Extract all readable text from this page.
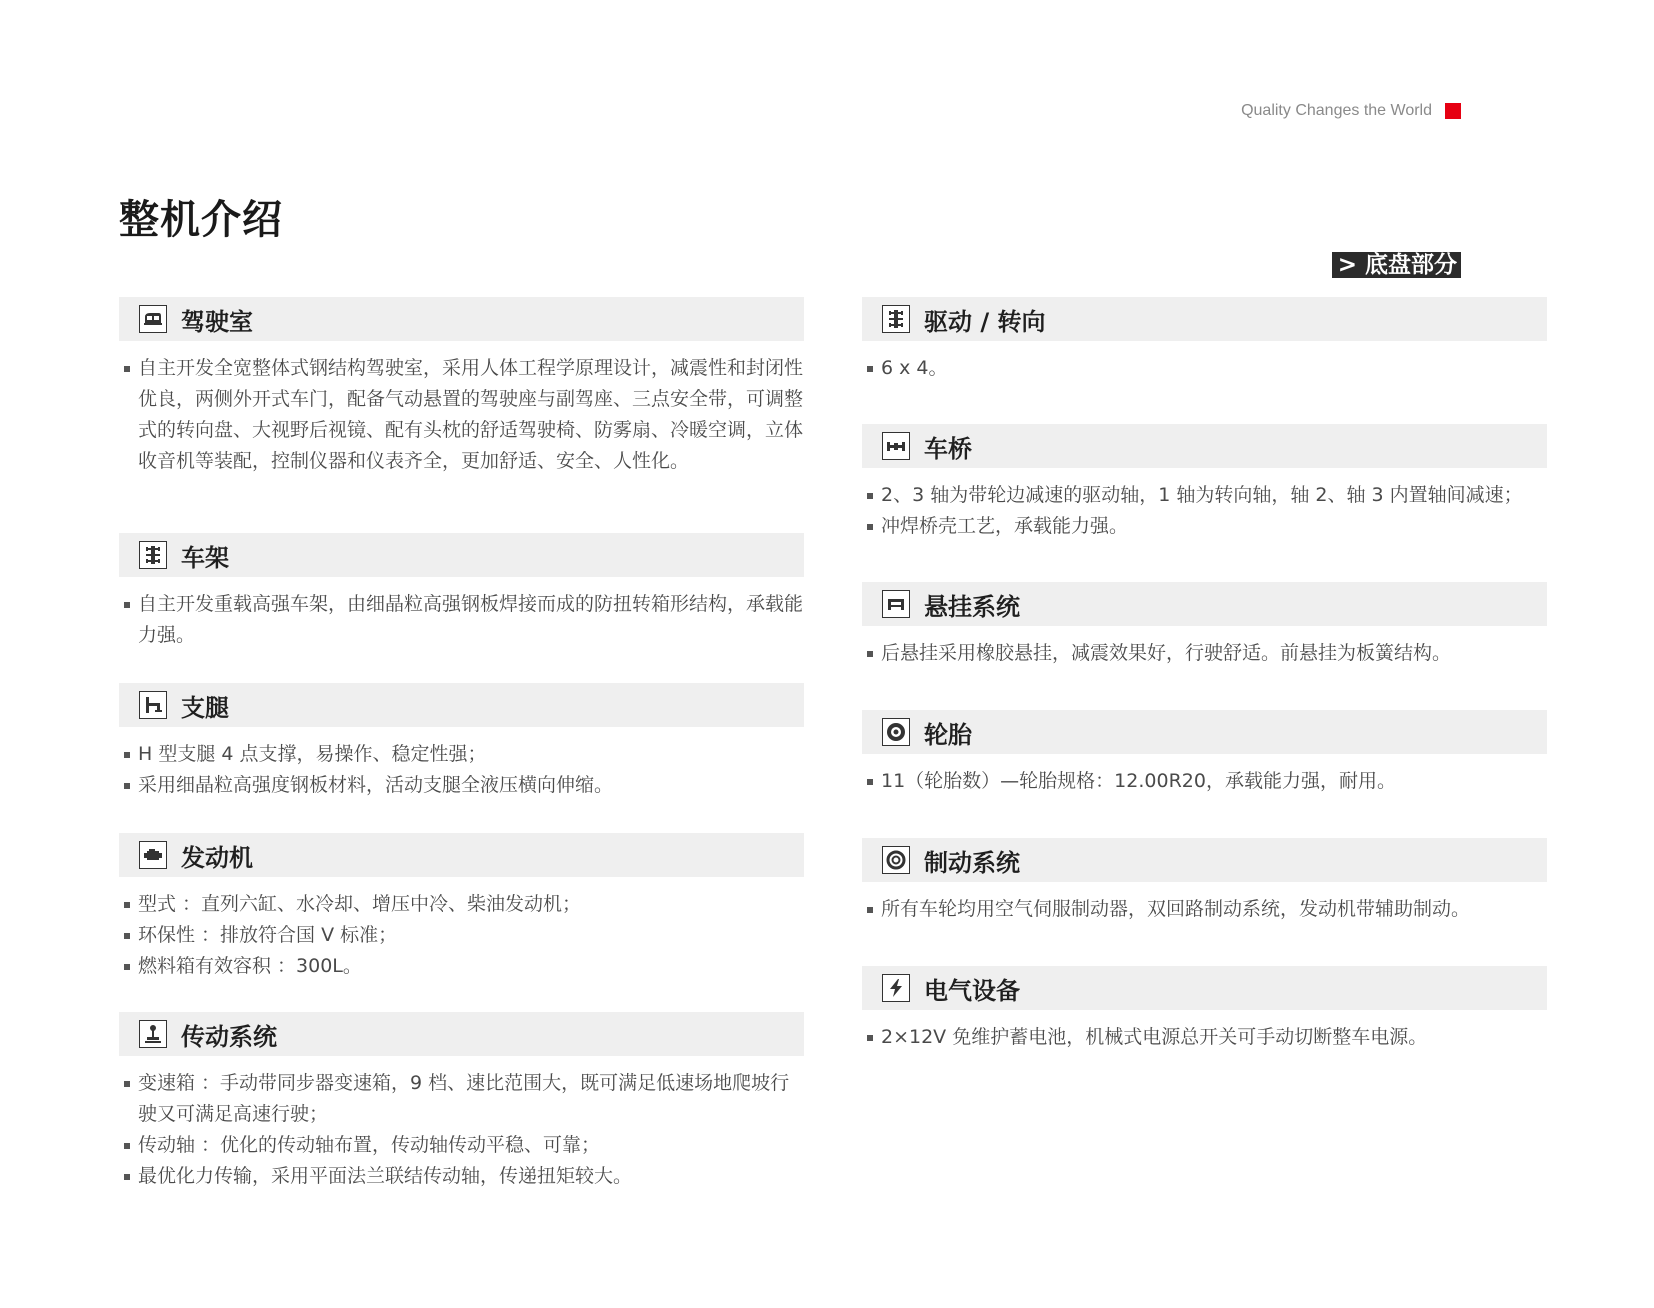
Quality Changes the World
整机介绍
> 底盘部分
驾驶室
自主开发全宽整体式钢结构驾驶室，采用人体工程学原理设计，减震性和封闭性优良，两侧外开式车门，配备气动悬置的驾驶座与副驾座、三点安全带，可调整式的转向盘、大视野后视镜、配有头枕的舒适驾驶椅、防雾扇、冷暖空调，立体收音机等装配，控制仪器和仪表齐全，更加舒适、安全、人性化。
车架
自主开发重载高强车架，由细晶粒高强钢板焊接而成的防扭转箱形结构，承载能力强。
支腿
H 型支腿 4 点支撑，易操作、稳定性强；
采用细晶粒高强度钢板材料，活动支腿全液压横向伸缩。
发动机
型式 ：直列六缸、水冷却、增压中冷、柴油发动机；
环保性 ：排放符合国 V 标准；
燃料箱有效容积 ：300L。
传动系统
变速箱 ：手动带同步器变速箱，9 档、速比范围大，既可满足低速场地爬坡行驶又可满足高速行驶；
传动轴 ：优化的传动轴布置，传动轴传动平稳、可靠；
最优化力传输，采用平面法兰联结传动轴，传递扭矩较大。
驱动 / 转向
6 x 4。
车桥
2、3 轴为带轮边减速的驱动轴，1 轴为转向轴，轴 2、轴 3 内置轴间减速；
冲焊桥壳工艺，承载能力强。
悬挂系统
后悬挂采用橡胶悬挂，减震效果好，行驶舒适。前悬挂为板簧结构。
轮胎
11（轮胎数）—轮胎规格：12.00R20，承载能力强，耐用。
制动系统
所有车轮均用空气伺服制动器，双回路制动系统，发动机带辅助制动。
电气设备
2×12V 免维护蓄电池，机械式电源总开关可手动切断整车电源。
